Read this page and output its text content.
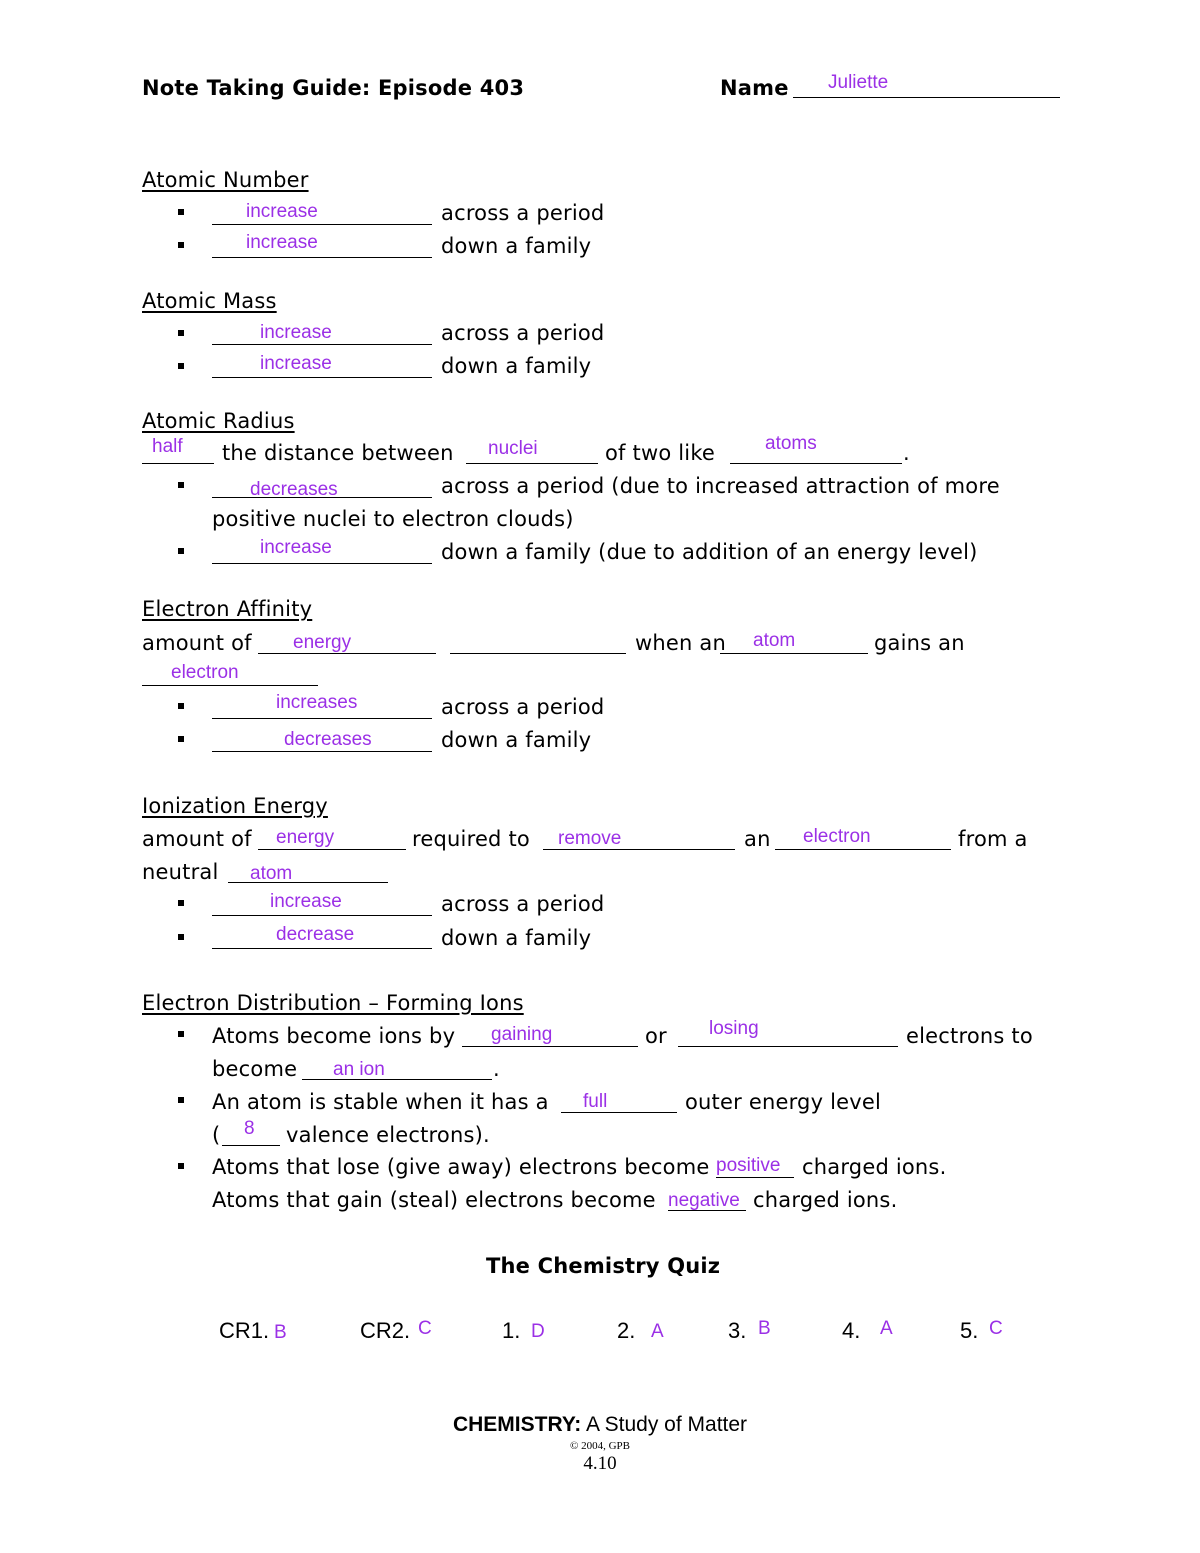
Note Taking Guide: Episode 403	Name Juliette
Atomic Number
increase	across a period
increase	down a family
Atomic Mass
increase	across a period
increase	down a family
Atomic Radius
half the distance between nuclei	of two like	atoms	.
decreases	across a period (due to increased attraction of more
positive nuclei to electron clouds)
increase	down a family (due to addition of an energy level)
Electron Affinity
amount of energy	when an atom	gains an
electron
increases	across a period
decreases	down a family
Ionization Energy
amount of energy	required to remove	an electron	from a
neutral atom
increase	across a period
decrease	down a family
Electron Distribution – Forming Ions
Atoms become ions by gaining	or losing	electrons to
become an ion	.
An atom is stable when it has a full	outer energy level
( 8 valence electrons).
Atoms that lose (give away) electrons become positive charged ions.
Atoms that gain (steal) electrons become negative charged ions.
The Chemistry Quiz
CR1. B	CR2. C	1. D	2. A	3. B	4. A	5. C
CHEMISTRY: A Study of Matter
© 2004, GPB
4.10
